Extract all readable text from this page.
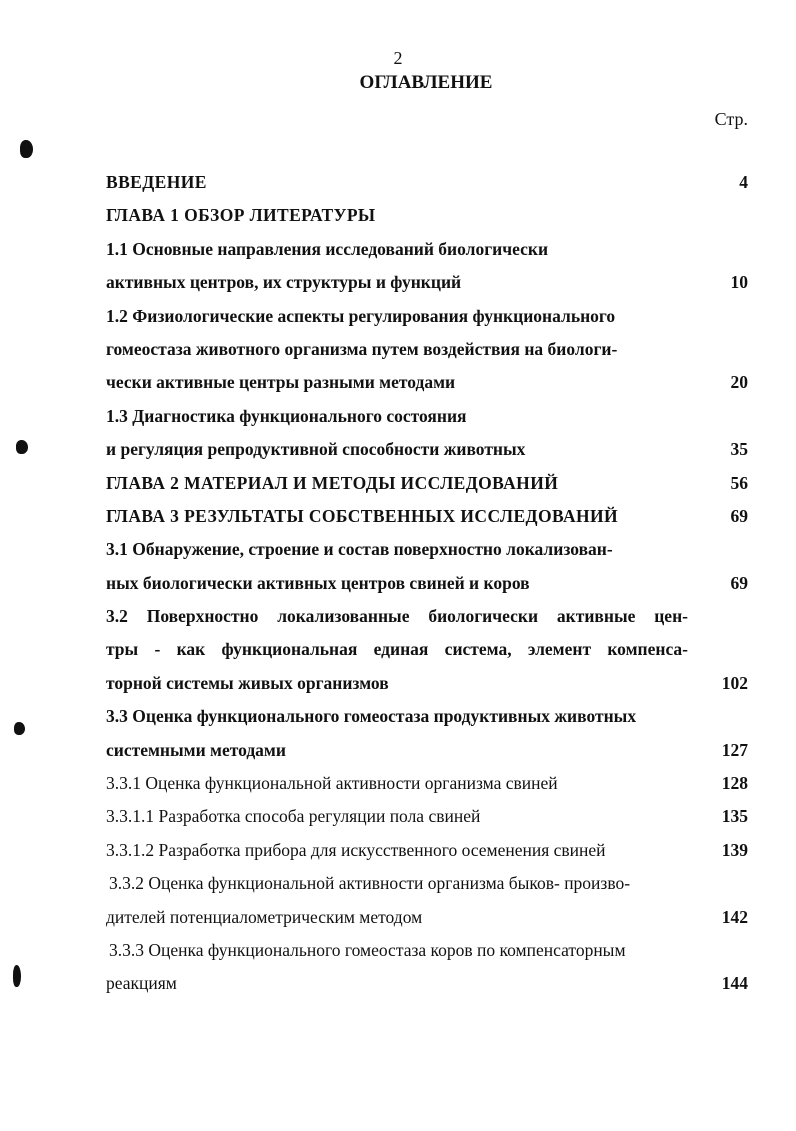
2
ОГЛАВЛЕНИЕ
Стр.
ВВЕДЕНИЕ	4
ГЛАВА 1 ОБЗОР ЛИТЕРАТУРЫ
1.1 Основные направления исследований биологически
активных центров, их структуры и функций	10
1.2 Физиологические аспекты регулирования функционального
гомеостаза животного организма путем воздействия на биологи-
чески активные центры разными методами	20
1.3 Диагностика функционального состояния
и регуляция репродуктивной способности животных	35
ГЛАВА 2 МАТЕРИАЛ И МЕТОДЫ ИССЛЕДОВАНИЙ	56
ГЛАВА 3 РЕЗУЛЬТАТЫ СОБСТВЕННЫХ ИССЛЕДОВАНИЙ	69
3.1 Обнаружение, строение и состав поверхностно локализован-
ных биологически активных центров свиней и коров	69
3.2 Поверхностно локализованные биологически активные цен-
тры - как функциональная единая система, элемент компенса-
торной системы живых организмов	102
3.3 Оценка функционального гомеостаза продуктивных животных
системными методами	127
3.3.1 Оценка функциональной активности организма свиней	128
3.3.1.1 Разработка способа регуляции пола свиней	135
3.3.1.2 Разработка прибора для искусственного осеменения свиней	139
3.3.2 Оценка функциональной активности организма быков- произво-
дителей потенциалометрическим методом	142
3.3.3 Оценка функционального гомеостаза коров по компенсаторным
реакциям	144
